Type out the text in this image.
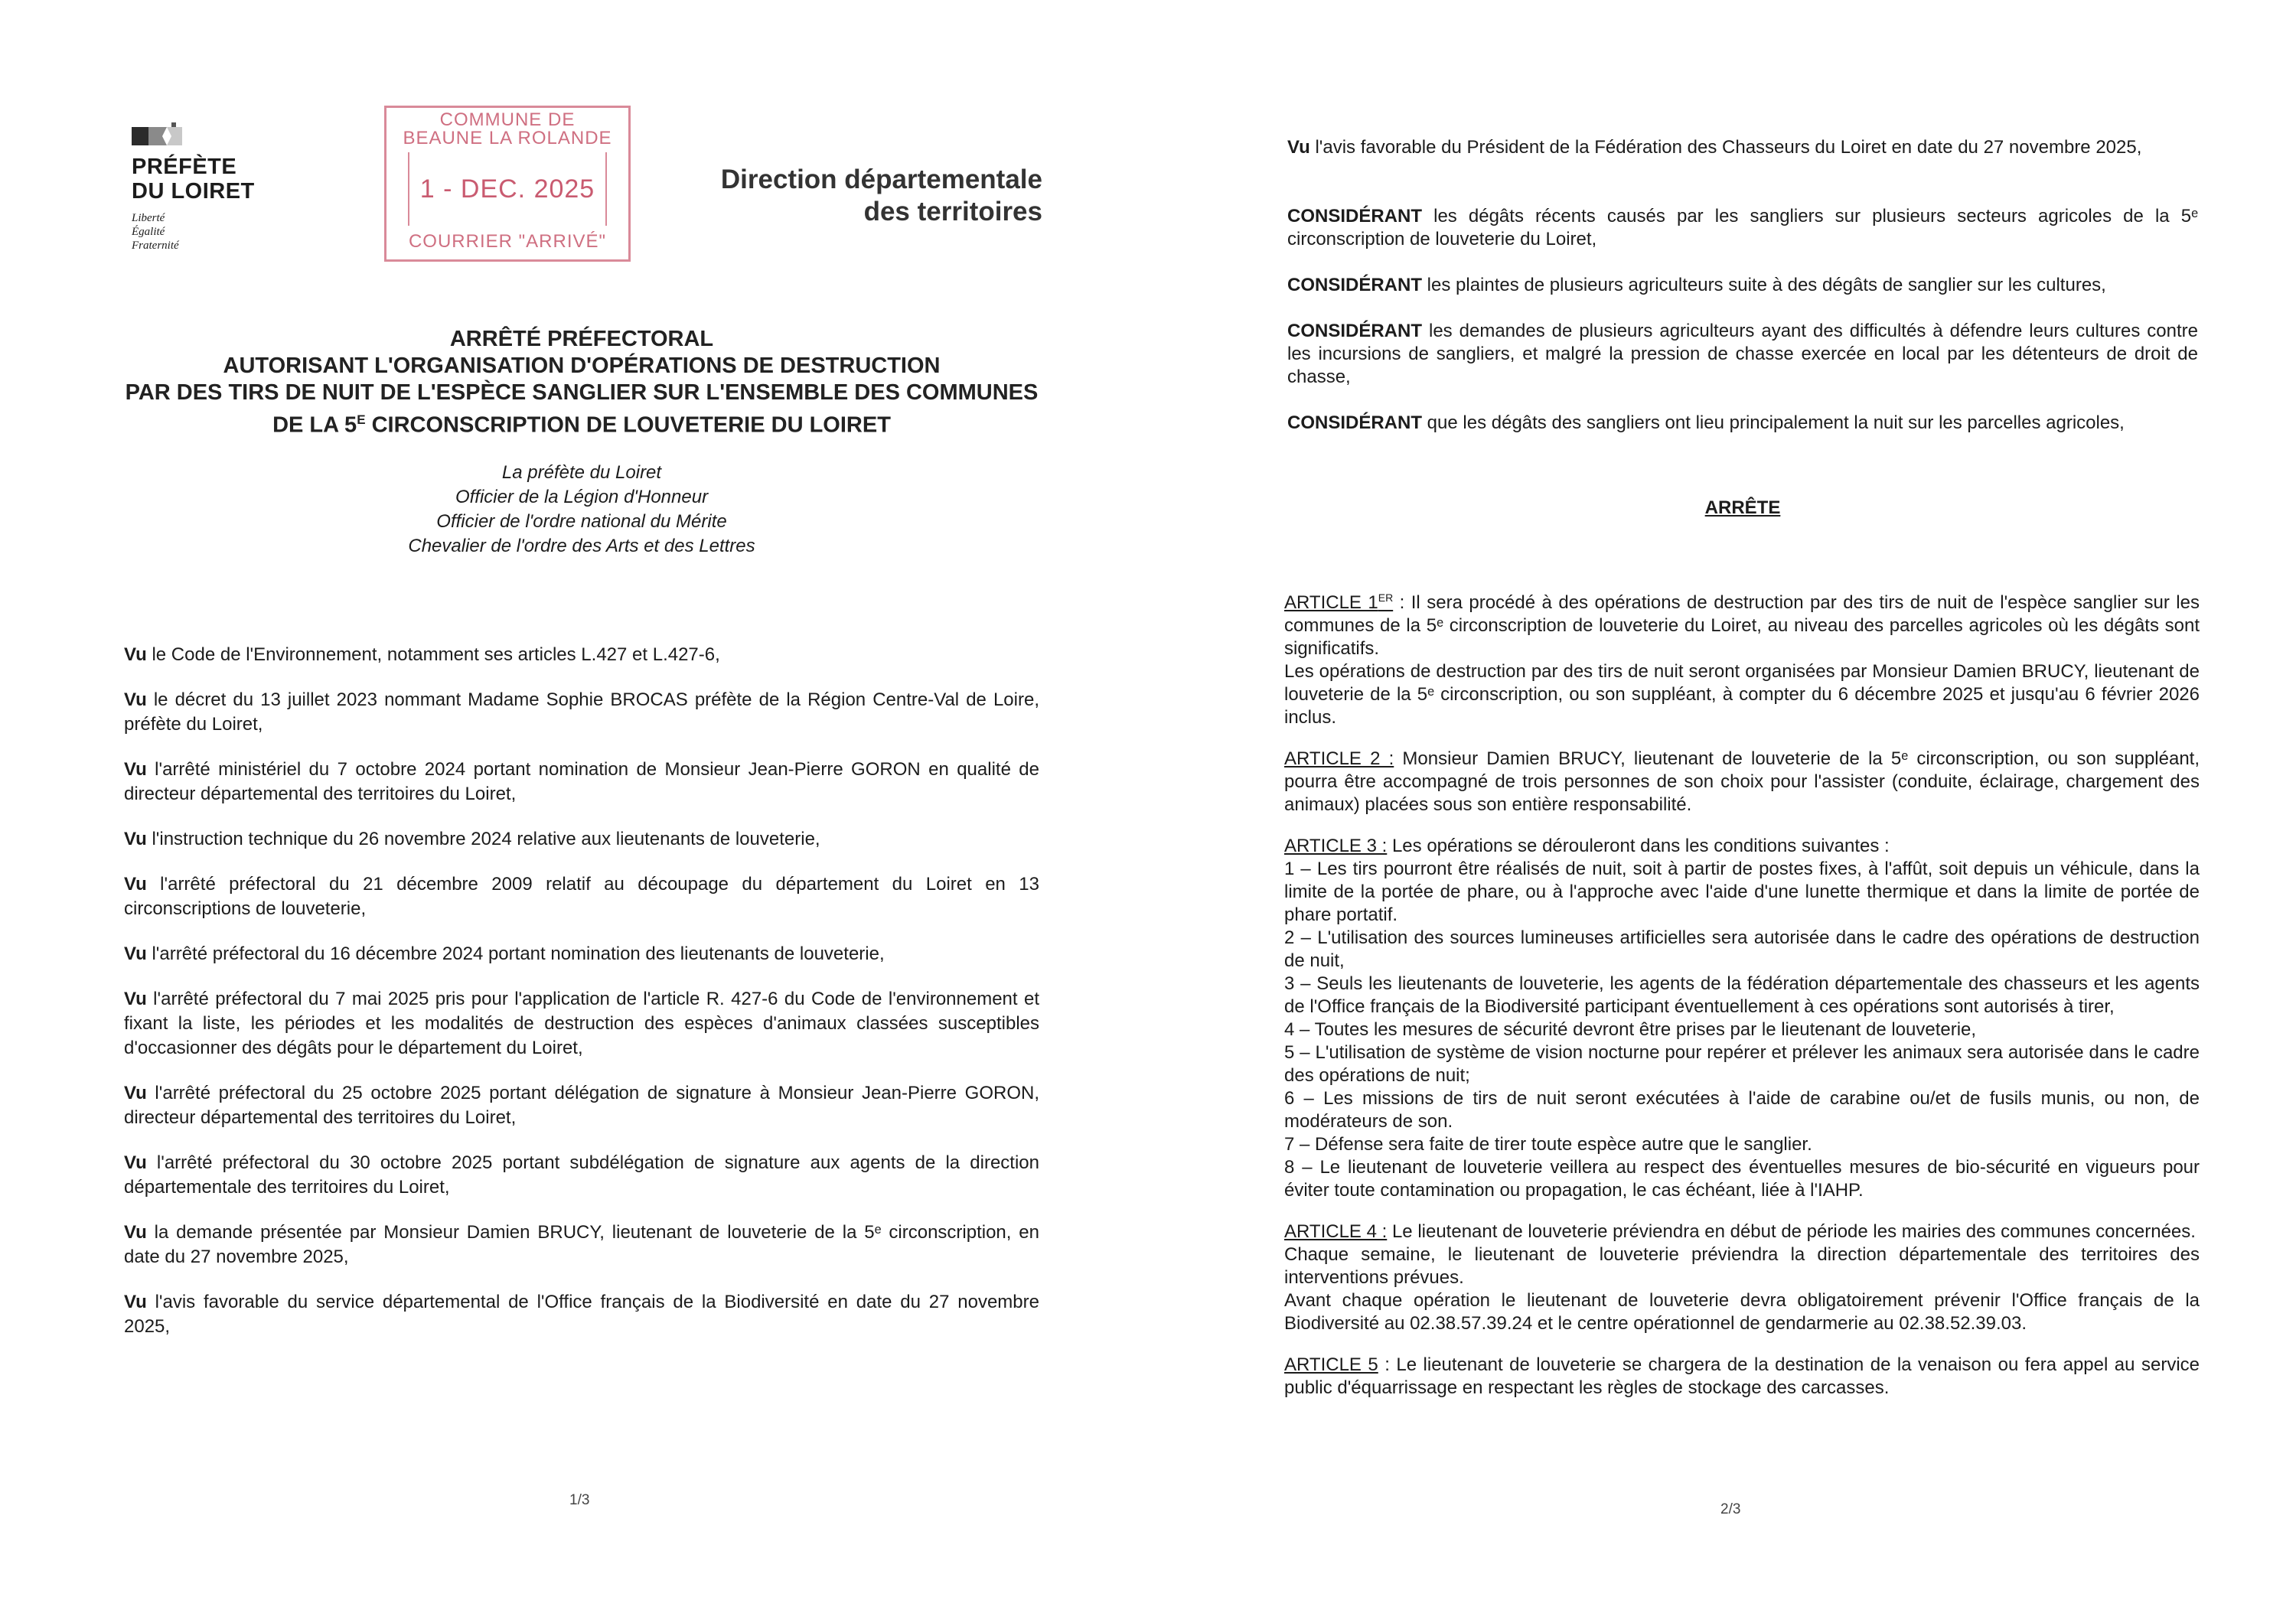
PRÉFÈTE
DU LOIRET
Liberté
Égalité
Fraternité
COMMUNE DE
BEAUNE LA ROLANDE
1 - DEC. 2025
COURRIER "ARRIVÉ"
Direction départementale
des territoires
ARRÊTÉ PRÉFECTORAL
AUTORISANT L'ORGANISATION D'OPÉRATIONS DE DESTRUCTION
PAR DES TIRS DE NUIT DE L'ESPÈCE SANGLIER SUR L'ENSEMBLE DES COMMUNES
DE LA $5^E$ CIRCONSCRIPTION DE LOUVETERIE DU LOIRET
La préfète du Loiret
Officier de la Légion d'Honneur
Officier de l'ordre national du Mérite
Chevalier de l'ordre des Arts et des Lettres

Vu le Code de l'Environnement, notamment ses articles L.427 et L.427-6,

Vu le décret du 13 juillet 2023 nommant Madame Sophie BROCAS préfète de la Région Centre-Val de Loire, préfète du Loiret,

Vu l'arrêté ministériel du 7 octobre 2024 portant nomination de Monsieur Jean-Pierre GORON en qualité de directeur départemental des territoires du Loiret,

Vu l'instruction technique du 26 novembre 2024 relative aux lieutenants de louveterie,

Vu l'arrêté préfectoral du 21 décembre 2009 relatif au découpage du département du Loiret en 13 circonscriptions de louveterie,

Vu l'arrêté préfectoral du 16 décembre 2024 portant nomination des lieutenants de louveterie,

Vu l'arrêté préfectoral du 7 mai 2025 pris pour l'application de l'article R. 427-6 du Code de l'environnement et fixant la liste, les périodes et les modalités de destruction des espèces d'animaux classées susceptibles d'occasionner des dégâts pour le département du Loiret,

Vu l'arrêté préfectoral du 25 octobre 2025 portant délégation de signature à Monsieur Jean-Pierre GORON, directeur départemental des territoires du Loiret,

Vu l'arrêté préfectoral du 30 octobre 2025 portant subdélégation de signature aux agents de la direction départementale des territoires du Loiret,

Vu la demande présentée par Monsieur Damien BRUCY, lieutenant de louveterie de la 5ᵉ circonscription, en date du 27 novembre 2025,

Vu l'avis favorable du service départemental de l'Office français de la Biodiversité en date du 27 novembre 2025,

1/3
Vu l'avis favorable du Président de la Fédération des Chasseurs du Loiret en date du 27 novembre 2025,

CONSIDÉRANT les dégâts récents causés par les sangliers sur plusieurs secteurs agricoles de la 5ᵉ circonscription de louveterie du Loiret,

CONSIDÉRANT les plaintes de plusieurs agriculteurs suite à des dégâts de sanglier sur les cultures,

CONSIDÉRANT les demandes de plusieurs agriculteurs ayant des difficultés à défendre leurs cultures contre les incursions de sangliers, et malgré la pression de chasse exercée en local par les détenteurs de droit de chasse,

CONSIDÉRANT que les dégâts des sangliers ont lieu principalement la nuit sur les parcelles agricoles,

ARRÊTE
ARTICLE 1ER : Il sera procédé à des opérations de destruction par des tirs de nuit de l'espèce sanglier sur les communes de la 5ᵉ circonscription de louveterie du Loiret, au niveau des parcelles agricoles où les dégâts sont significatifs.
Les opérations de destruction par des tirs de nuit seront organisées par Monsieur Damien BRUCY, lieutenant de louveterie de la 5ᵉ circonscription, ou son suppléant, à compter du 6 décembre 2025 et jusqu'au 6 février 2026 inclus.
ARTICLE 2 : Monsieur Damien BRUCY, lieutenant de louveterie de la 5ᵉ circonscription, ou son suppléant, pourra être accompagné de trois personnes de son choix pour l'assister (conduite, éclairage, chargement des animaux) placées sous son entière responsabilité.
ARTICLE 3 : Les opérations se dérouleront dans les conditions suivantes :
1 – Les tirs pourront être réalisés de nuit, soit à partir de postes fixes, à l'affût, soit depuis un véhicule, dans la limite de la portée de phare, ou à l'approche avec l'aide d'une lunette thermique et dans la limite de portée de phare portatif.
2 – L'utilisation des sources lumineuses artificielles sera autorisée dans le cadre des opérations de destruction de nuit,
3 – Seuls les lieutenants de louveterie, les agents de la fédération départementale des chasseurs et les agents de l'Office français de la Biodiversité participant éventuellement à ces opérations sont autorisés à tirer,
4 – Toutes les mesures de sécurité devront être prises par le lieutenant de louveterie,
5 – L'utilisation de système de vision nocturne pour repérer et prélever les animaux sera autorisée dans le cadre des opérations de nuit;
6 – Les missions de tirs de nuit seront exécutées à l'aide de carabine ou/et de fusils munis, ou non, de modérateurs de son.
7 – Défense sera faite de tirer toute espèce autre que le sanglier.
8 – Le lieutenant de louveterie veillera au respect des éventuelles mesures de bio-sécurité en vigueurs pour éviter toute contamination ou propagation, le cas échéant, liée à l'IAHP.
ARTICLE 4 : Le lieutenant de louveterie préviendra en début de période les mairies des communes concernées.
Chaque semaine, le lieutenant de louveterie préviendra la direction départementale des territoires des interventions prévues.
Avant chaque opération le lieutenant de louveterie devra obligatoirement prévenir l'Office français de la Biodiversité au 02.38.57.39.24 et le centre opérationnel de gendarmerie au 02.38.52.39.03.
ARTICLE 5 : Le lieutenant de louveterie se chargera de la destination de la venaison ou fera appel au service public d'équarrissage en respectant les règles de stockage des carcasses.
2/3
